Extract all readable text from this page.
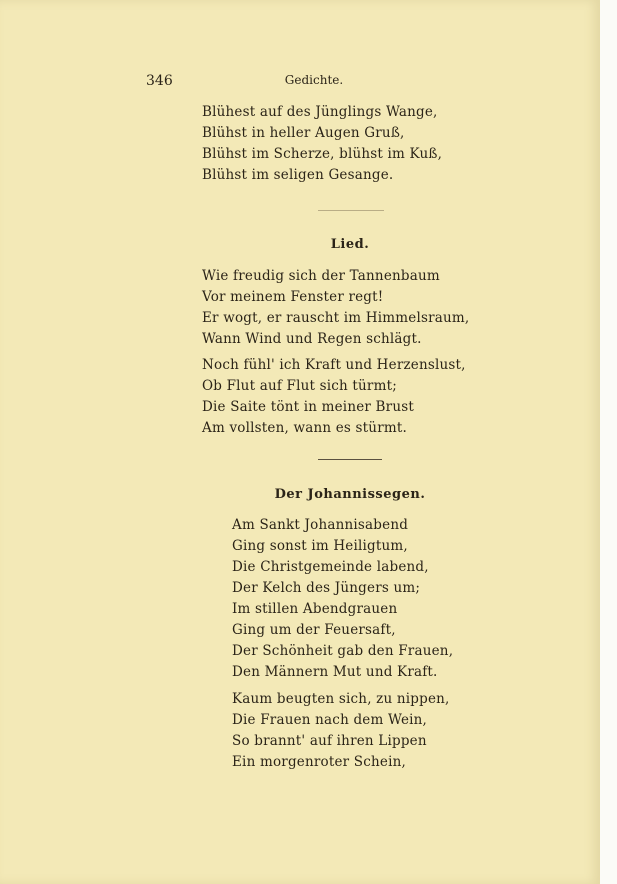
346	Gedichte.
Blühest auf des Jünglings Wange,
Blühst in heller Augen Gruß,
Blühst im Scherze, blühst im Kuß,
Blühst im seligen Gesange.
Lied.
Wie freudig sich der Tannenbaum
Vor meinem Fenster regt!
Er wogt, er rauscht im Himmelsraum,
Wann Wind und Regen schlägt.
Noch fühl' ich Kraft und Herzenslust,
Ob Flut auf Flut sich türmt;
Die Saite tönt in meiner Brust
Am vollsten, wann es stürmt.
Der Johannissegen.
Am Sankt Johannisabend
Ging sonst im Heiligtum,
Die Christgemeinde labend,
Der Kelch des Jüngers um;
Im stillen Abendgrauen
Ging um der Feuersaft,
Der Schönheit gab den Frauen,
Den Männern Mut und Kraft.
Kaum beugten sich, zu nippen,
Die Frauen nach dem Wein,
So brannt' auf ihren Lippen
Ein morgenroter Schein,
